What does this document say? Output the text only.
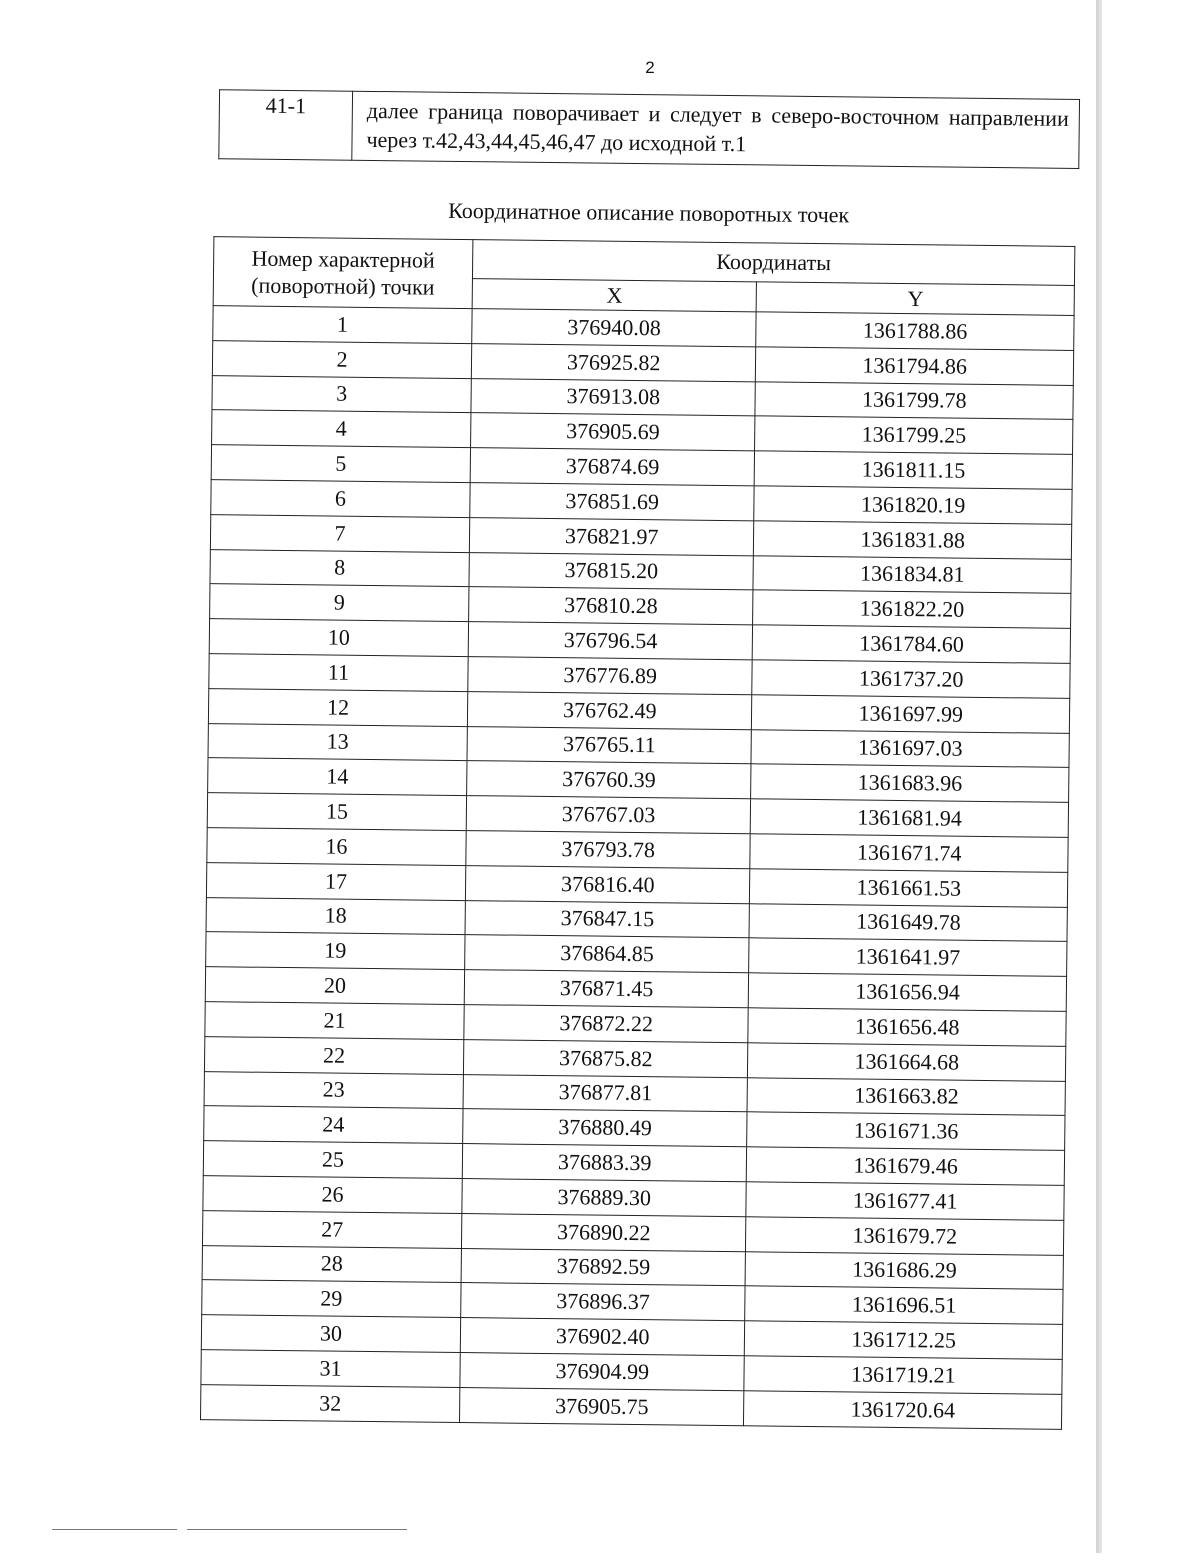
2
41-1	далее граница поворачивает и следует в северо-восточном направлении через т.42,43,44,45,46,47 до исходной т.1
Координатное описание поворотных точек
Номер характерной (поворотной) точки	Координаты	
	X	Y
1	376940.08	1361788.86
2	376925.82	1361794.86
3	376913.08	1361799.78
4	376905.69	1361799.25
5	376874.69	1361811.15
6	376851.69	1361820.19
7	376821.97	1361831.88
8	376815.20	1361834.81
9	376810.28	1361822.20
10	376796.54	1361784.60
11	376776.89	1361737.20
12	376762.49	1361697.99
13	376765.11	1361697.03
14	376760.39	1361683.96
15	376767.03	1361681.94
16	376793.78	1361671.74
17	376816.40	1361661.53
18	376847.15	1361649.78
19	376864.85	1361641.97
20	376871.45	1361656.94
21	376872.22	1361656.48
22	376875.82	1361664.68
23	376877.81	1361663.82
24	376880.49	1361671.36
25	376883.39	1361679.46
26	376889.30	1361677.41
27	376890.22	1361679.72
28	376892.59	1361686.29
29	376896.37	1361696.51
30	376902.40	1361712.25
31	376904.99	1361719.21
32	376905.75	1361720.64
